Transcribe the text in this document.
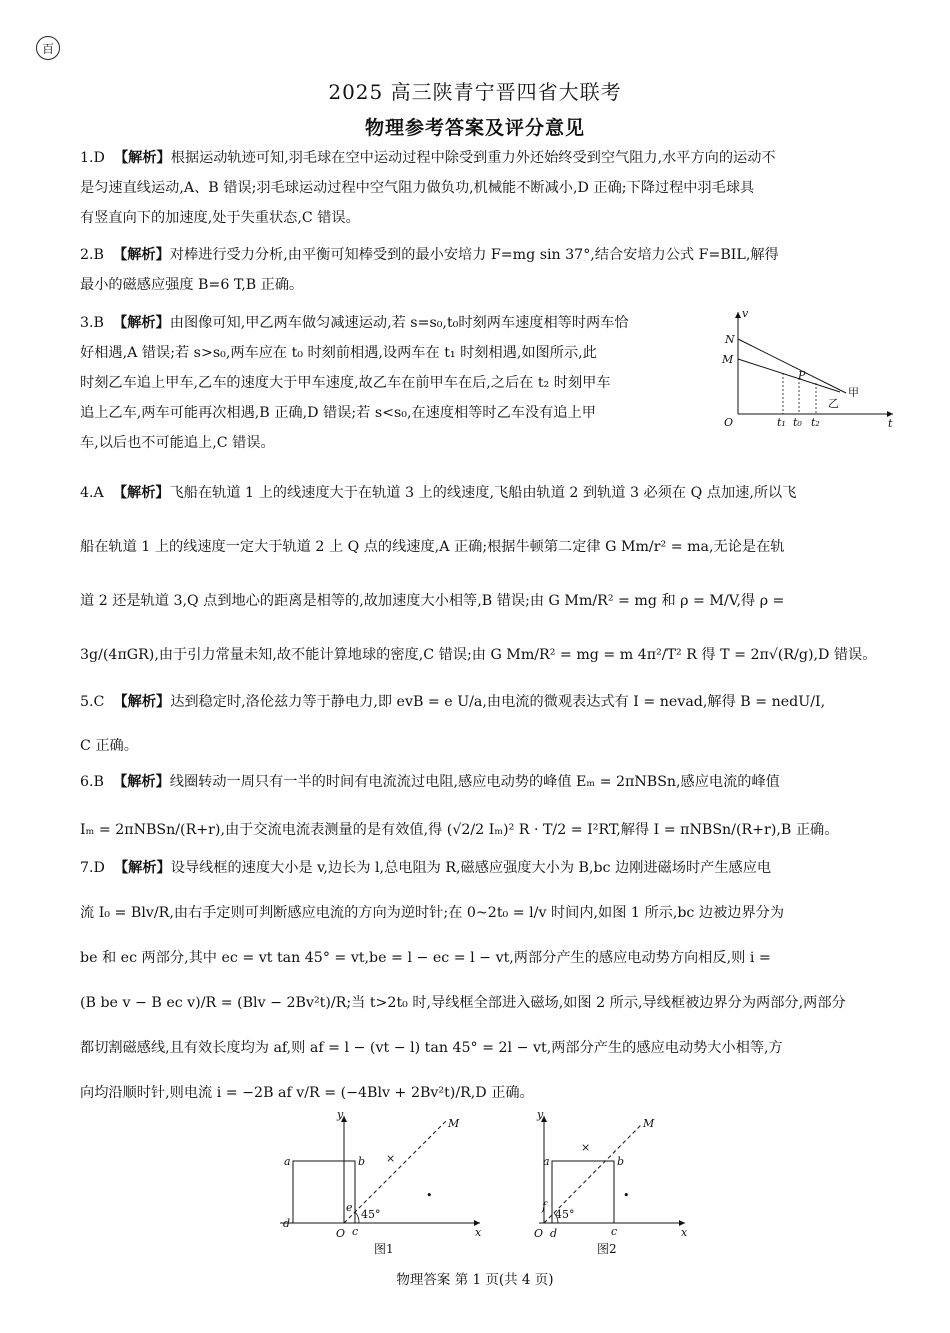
百
2025 高三陕青宁晋四省大联考
物理参考答案及评分意见

1.D 【解析】根据运动轨迹可知,羽毛球在空中运动过程中除受到重力外还始终受到空气阻力,水平方向的运动不
是匀速直线运动,A、B 错误;羽毛球运动过程中空气阻力做负功,机械能不断减小,D 正确;下降过程中羽毛球具
有竖直向下的加速度,处于失重状态,C 错误。

2.B 【解析】对棒进行受力分析,由平衡可知棒受到的最小安培力 F=mg sin 37°,结合安培力公式 F=BIL,解得
最小的磁感应强度 B=6 T,B 正确。

3.B 【解析】由图像可知,甲乙两车做匀减速运动,若 s=s₀,t₀时刻两车速度相等时两车恰
好相遇,A 错误;若 s>s₀,两车应在 t₀ 时刻前相遇,设两车在 t₁ 时刻相遇,如图所示,此
时刻乙车追上甲车,乙车的速度大于甲车速度,故乙车在前甲车在后,之后在 t₂ 时刻甲车
追上乙车,两车可能再次相遇,B 正确,D 错误;若 s<s₀,在速度相等时乙车没有追上甲
车,以后也不可能追上,C 错误。

v
t
O
N
M
P
甲
乙
t₁ t₀ t₂

4.A 【解析】飞船在轨道 1 上的线速度大于在轨道 3 上的线速度,飞船由轨道 2 到轨道 3 必须在 Q 点加速,所以飞
船在轨道 1 上的线速度一定大于轨道 2 上 Q 点的线速度,A 正确;根据牛顿第二定律 G Mm/r² = ma,无论是在轨
道 2 还是轨道 3,Q 点到地心的距离是相等的,故加速度大小相等,B 错误;由 G Mm/R² = mg 和 ρ = M/V,得 ρ =
3g/(4πGR),由于引力常量未知,故不能计算地球的密度,C 错误;由 G Mm/R² = mg = m 4π²/T² R 得 T = 2π√(R/g),D 错误。

5.C 【解析】达到稳定时,洛伦兹力等于静电力,即 evB = e U/a,由电流的微观表达式有 I = nevad,解得 B = nedU/I,
C 正确。

6.B 【解析】线圈转动一周只有一半的时间有电流流过电阻,感应电动势的峰值 Eₘ = 2πNBSn,感应电流的峰值
Iₘ = 2πNBSn/(R+r),由于交流电流表测量的是有效值,得 (√2/2 Iₘ)² R · T/2 = I²RT,解得 I = πNBSn/(R+r),B 正确。

7.D 【解析】设导线框的速度大小是 v,边长为 l,总电阻为 R,磁感应强度大小为 B,bc 边刚进磁场时产生感应电
流 I₀ = Blv/R,由右手定则可判断感应电流的方向为逆时针;在 0~2t₀ = l/v 时间内,如图 1 所示,bc 边被边界分为
be 和 ec 两部分,其中 ec = vt tan 45° = vt,be = l − ec = l − vt,两部分产生的感应电动势方向相反,则 i =
(B be v − B ec v)/R = (Blv − 2Bv²t)/R;当 t>2t₀ 时,导线框全部进入磁场,如图 2 所示,导线框被边界分为两部分,两部分
都切割磁感线,且有效长度均为 af,则 af = l − (vt − l) tan 45° = 2l − vt,两部分产生的感应电动势大小相等,方
向均沿顺时针,则电流 i = −2B af v/R = (−4Blv + 2Bv²t)/R,D 正确。

×
•
y
x
O
M
a	b
c
d
e
45°
图1
×
•
y
x
O
M
a	b
c
d
f
45°
图2
物理答案 第 1 页(共 4 页)
